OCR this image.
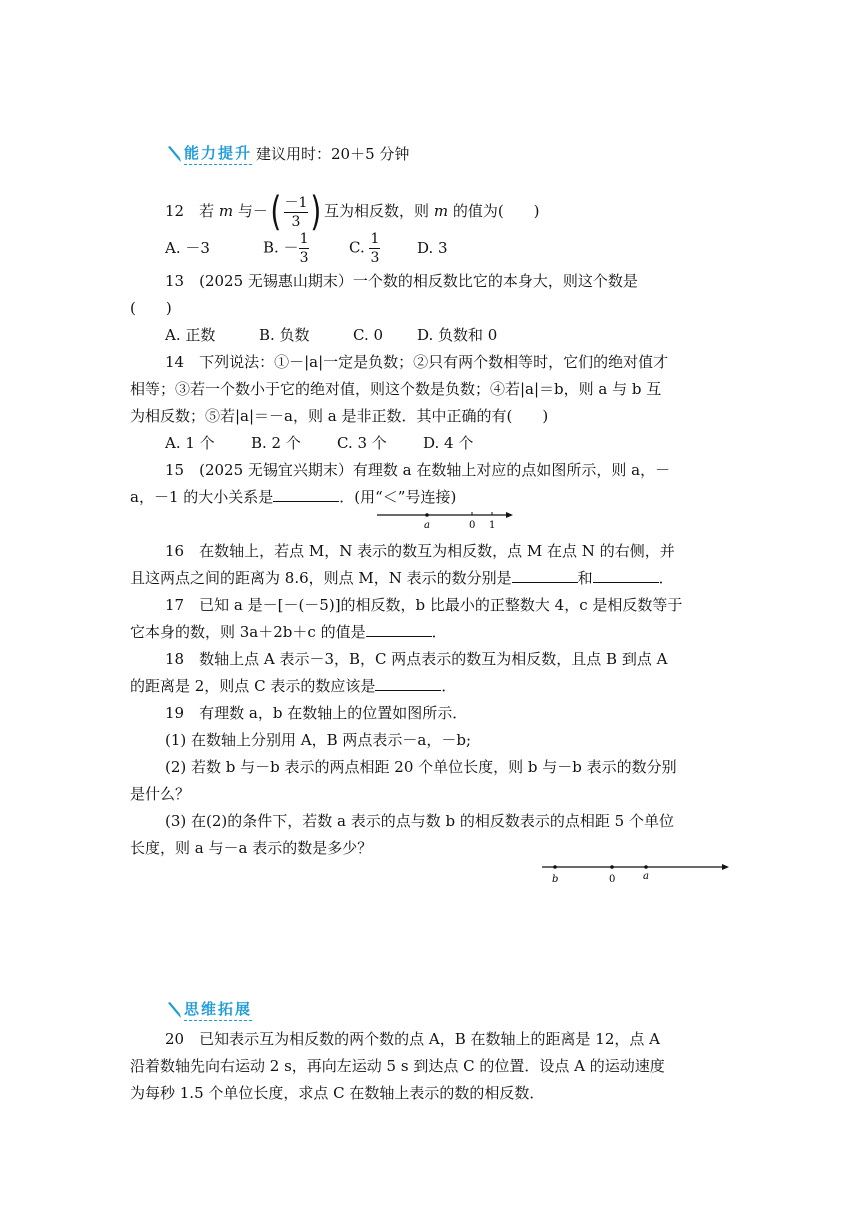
能力提升 建议用时：20＋5 分钟
12　 若 m 与－ ( $\frac{-1}{3}$ ) 互为相反数，则 m 的值为(　　)
A. －3	B. － $\frac{1}{3}$	C. $\frac{1}{3} D$. 3
13　(2025 无锡惠山期末）一个数的相反数比它的本身大，则这个数是
(　　)
A. 正数	B. 负数	C. 0 D. 负数和 0
14　 下列说法：①－|a|一定是负数；②只有两个数相等时，它们的绝对值才
相等；③若一个数小于它的绝对值，则这个数是负数；④若|a|＝b，则 a 与 b 互
为相反数；⑤若|a|＝－a，则 a 是非正数．其中正确的有(　　)
A. 1 个 B. 2 个 C. 3 个 D. 4 个
15　(2025 无锡宜兴期末）有理数 a 在数轴上对应的点如图所示，则 a，－
a，－1 的大小关系是	．(用“＜”号连接)
a	0 1
16　 在数轴上，若点 M，N 表示的数互为相反数，点 M 在点 N 的右侧，并
且这两点之间的距离为 8.6，则点 M，N 表示的数分别是	和	．
17　 已知 a 是－[－(－5)]的相反数，b 比最小的正整数大 4，c 是相反数等于
它本身的数，则 3a＋2b＋c 的值是	．
18　 数轴上点 A 表示－3，B，C 两点表示的数互为相反数，且点 B 到点 A
的距离是 2，则点 C 表示的数应该是	．
19　 有理数 a，b 在数轴上的位置如图所示．
(1) 在数轴上分别用 A，B 两点表示－a，－b;
(2) 若数 b 与－b 表示的两点相距 20 个单位长度，则 b 与－b 表示的数分别
是什么？
(3) 在(2)的条件下，若数 a 表示的点与数 b 的相反数表示的点相距 5 个单位
长度，则 a 与－a 表示的数是多少？
b	0	a
思维拓展
20　 已知表示互为相反数的两个数的点 A，B 在数轴上的距离是 12，点 A
沿着数轴先向右运动 2 s，再向左运动 5 s 到达点 C 的位置．设点 A 的运动速度
为每秒 1.5 个单位长度，求点 C 在数轴上表示的数的相反数．
